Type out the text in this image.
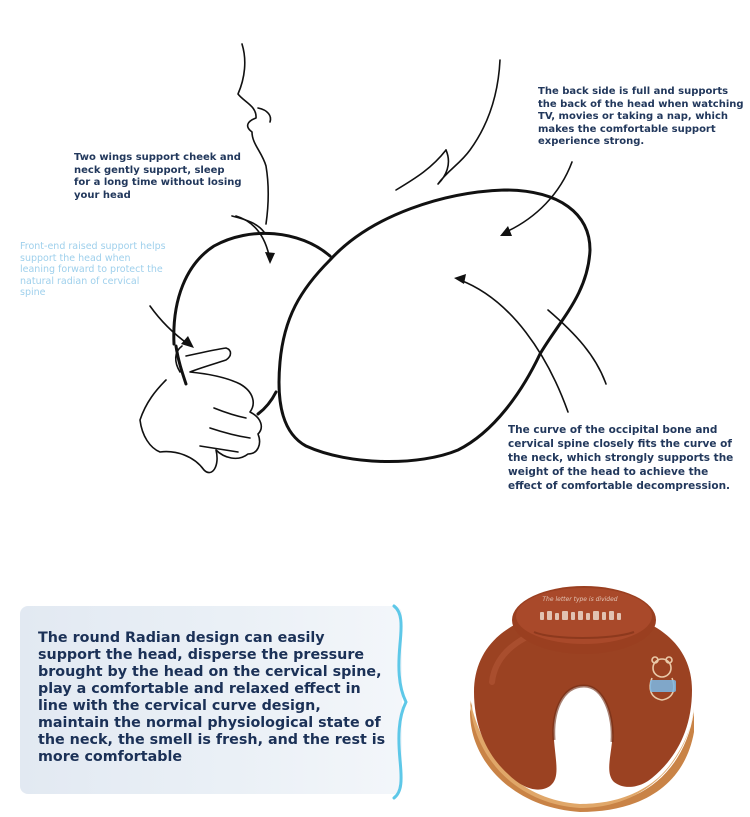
Two wings support cheek and neck gently support, sleep for a long time without losing your head

Front-end raised support helps support the head when leaning forward to protect the natural radian of cervical spine

The back side is full and supports the back of the head when watching TV, movies or taking a nap, which makes the comfortable support experience strong.

The curve of the occipital bone and cervical spine closely fits the curve of the neck, which strongly supports the weight of the head to achieve the effect of comfortable decompression.

The round Radian design can easily support the head, disperse the pressure brought by the head on the cervical spine, play a comfortable and relaxed effect in line with the cervical curve design, maintain the normal physiological state of the neck, the smell is fresh, and the rest is more comfortable

The letter type is divided
